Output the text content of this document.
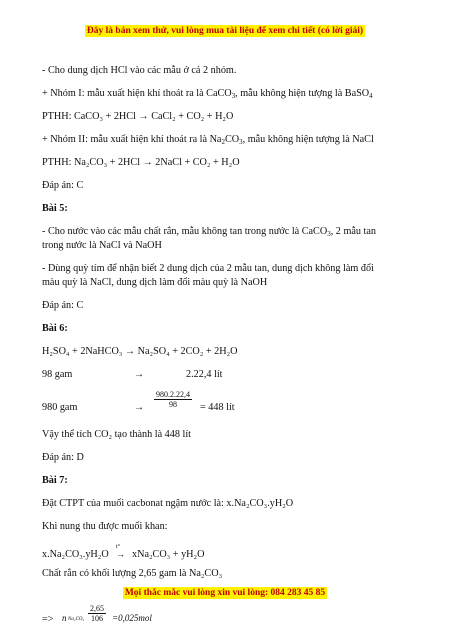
Đây là bản xem thử, vui lòng mua tài liệu để xem chi tiết (có lời giải)
- Cho dung dịch HCl vào các mẫu ở cả 2 nhóm.
+ Nhóm I: mẫu xuất hiện khí thoát ra là CaCO$_3$, mẫu không hiện tượng là BaSO$_4$
PTHH: CaCO₃ + 2HCl → CaCl₂ + CO₂ + H₂O
+ Nhóm II: mẫu xuất hiện khí thoát ra là $Na_2CO_3$, mẫu không hiện tượng là NaCl
PTHH: Na₂CO₃ + 2HCl → 2NaCl + CO₂ + H₂O
Đáp án: C
Bài 5:
- Cho nước vào các mẫu chất rắn, mẫu không tan trong nước là CaCO$_3$, 2 mẫu tan
trong nước là NaCl và NaOH
- Dùng quỳ tím để nhận biết 2 dung dịch của 2 mẫu tan, dung dịch không làm đổi
màu quỳ là NaCl, dung dịch làm đổi màu quỳ là NaOH
Đáp án: C
Bài 6:
H₂SO₄ + 2NaHCO₃ → Na₂SO₄ + 2CO₂ + 2H₂O
98 gam	→	2.22,4 lít
980 gam	→ $\frac{980.2.22,4}{98} = 448$ lít
Vậy thể tích CO₂ tạo thành là 448 lít
Đáp án: D
Bài 7:
Đặt CTPT của muối cacbonat ngậm nước là: x.Na₂CO₃.yH₂O
Khi nung thu được muối khan:
x.Na₂CO₃.yH₂O
t°
→ xNa₂CO₃ + yH₂O
Chất rắn có khối lượng 2,65 gam là Na₂CO₃
Mọi thắc mắc vui lòng xin vui lòng: 084 283 45 85
=> n $Na_2CO_3 \frac{2,65}{106} =0,025mol$
